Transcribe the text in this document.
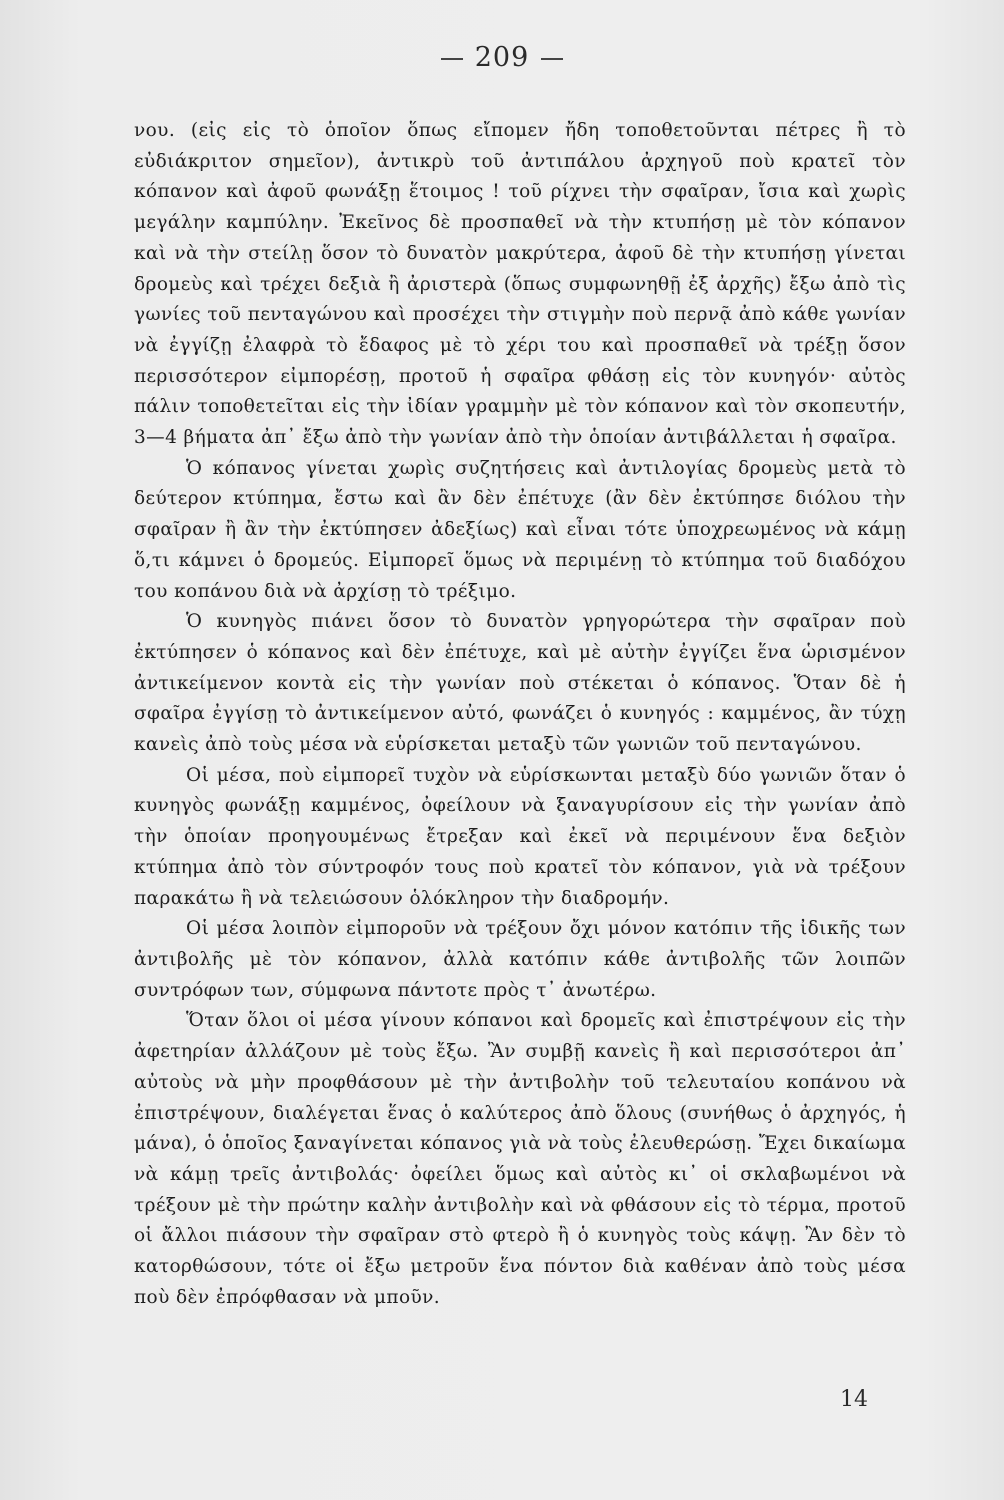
209

νου. (εἰς εἰς τὸ ὁποῖον ὅπως εἴπομεν ἤδη τοποθετοῦνται πέτρες ἢ τὸ εὐδιάκριτον σημεῖον), ἀντικρὺ τοῦ ἀντιπάλου ἀρχηγοῦ ποὺ κρατεῖ τὸν κόπανον καὶ ἀφοῦ φωνάξῃ ἕτοιμος ! τοῦ ρίχνει τὴν σφαῖραν, ἴσια καὶ χωρὶς μεγάλην καμπύλην. Ἐκεῖνος δὲ προσπαθεῖ νὰ τὴν κτυπήσῃ μὲ τὸν κόπανον καὶ νὰ τὴν στείλῃ ὅσον τὸ δυνατὸν μακρύτερα, ἀφοῦ δὲ τὴν κτυπήσῃ γίνεται δρομεὺς καὶ τρέχει δεξιὰ ἢ ἀριστερὰ (ὅπως συμφωνηθῇ ἐξ ἀρχῆς) ἔξω ἀπὸ τὶς γωνίες τοῦ πενταγώνου καὶ προσέχει τὴν στιγμὴν ποὺ περνᾷ ἀπὸ κάθε γωνίαν νὰ ἐγγίζῃ ἐλαφρὰ τὸ ἔδαφος μὲ τὸ χέρι του καὶ προσπαθεῖ νὰ τρέξῃ ὅσον περισσότερον εἰμπορέσῃ, προτοῦ ἡ σφαῖρα φθάσῃ εἰς τὸν κυνηγόν· αὐτὸς πάλιν τοποθετεῖται εἰς τὴν ἰδίαν γραμμὴν μὲ τὸν κόπανον καὶ τὸν σκοπευτήν, 3—4 βήματα ἀπ᾽ ἔξω ἀπὸ τὴν γωνίαν ἀπὸ τὴν ὁποίαν ἀντιβάλλεται ἡ σφαῖρα.

Ὁ κόπανος γίνεται χωρὶς συζητήσεις καὶ ἀντιλογίας δρομεὺς μετὰ τὸ δεύτερον κτύπημα, ἔστω καὶ ἂν δὲν ἐπέτυχε (ἂν δὲν ἐκτύπησε διόλου τὴν σφαῖραν ἢ ἂν τὴν ἐκτύπησεν ἀδεξίως) καὶ εἶναι τότε ὑποχρεωμένος νὰ κάμῃ ὅ,τι κάμνει ὁ δρομεύς. Εἰμπορεῖ ὅμως νὰ περιμένῃ τὸ κτύπημα τοῦ διαδόχου του κοπάνου διὰ νὰ ἀρχίσῃ τὸ τρέξιμο.

Ὁ κυνηγὸς πιάνει ὅσον τὸ δυνατὸν γρηγορώτερα τὴν σφαῖραν ποὺ ἐκτύπησεν ὁ κόπανος καὶ δὲν ἐπέτυχε, καὶ μὲ αὐτὴν ἐγγίζει ἕνα ὡρισμένον ἀντικείμενον κοντὰ εἰς τὴν γωνίαν ποὺ στέκεται ὁ κόπανος. Ὅταν δὲ ἡ σφαῖρα ἐγγίσῃ τὸ ἀντικείμενον αὐτό, φωνάζει ὁ κυνηγός : καμμένος, ἂν τύχῃ κανεὶς ἀπὸ τοὺς μέσα νὰ εὑρίσκεται μεταξὺ τῶν γωνιῶν τοῦ πενταγώνου.

Οἱ μέσα, ποὺ εἰμπορεῖ τυχὸν νὰ εὑρίσκωνται μεταξὺ δύο γωνιῶν ὅταν ὁ κυνηγὸς φωνάξῃ καμμένος, ὀφείλουν νὰ ξαναγυρίσουν εἰς τὴν γωνίαν ἀπὸ τὴν ὁποίαν προηγουμένως ἔτρεξαν καὶ ἐκεῖ νὰ περιμένουν ἕνα δεξιὸν κτύπημα ἀπὸ τὸν σύντροφόν τους ποὺ κρατεῖ τὸν κόπανον, γιὰ νὰ τρέξουν παρακάτω ἢ νὰ τελειώσουν ὁλόκληρον τὴν διαδρομήν.

Οἱ μέσα λοιπὸν εἰμποροῦν νὰ τρέξουν ὄχι μόνον κατόπιν τῆς ἰδικῆς των ἀντιβολῆς μὲ τὸν κόπανον, ἀλλὰ κατόπιν κάθε ἀντιβολῆς τῶν λοιπῶν συντρόφων των, σύμφωνα πάντοτε πρὸς τ᾽ ἀνωτέρω.

Ὅταν ὅλοι οἱ μέσα γίνουν κόπανοι καὶ δρομεῖς καὶ ἐπιστρέψουν εἰς τὴν ἀφετηρίαν ἀλλάζουν μὲ τοὺς ἔξω. Ἂν συμβῇ κανεὶς ἢ καὶ περισσότεροι ἀπ᾽ αὐτοὺς νὰ μὴν προφθάσουν μὲ τὴν ἀντιβολὴν τοῦ τελευταίου κοπάνου νὰ ἐπιστρέψουν, διαλέγεται ἕνας ὁ καλύτερος ἀπὸ ὅλους (συνήθως ὁ ἀρχηγός, ἡ μάνα), ὁ ὁποῖος ξαναγίνεται κόπανος γιὰ νὰ τοὺς ἐλευθερώσῃ. Ἔχει δικαίωμα νὰ κάμῃ τρεῖς ἀντιβολάς· ὀφείλει ὅμως καὶ αὐτὸς κι᾽ οἱ σκλαβωμένοι νὰ τρέξουν μὲ τὴν πρώτην καλὴν ἀντιβολὴν καὶ νὰ φθάσουν εἰς τὸ τέρμα, προτοῦ οἱ ἄλλοι πιάσουν τὴν σφαῖραν στὸ φτερὸ ἢ ὁ κυνηγὸς τοὺς κάψῃ. Ἂν δὲν τὸ κατορθώσουν, τότε οἱ ἔξω μετροῦν ἕνα πόντον διὰ καθέναν ἀπὸ τοὺς μέσα ποὺ δὲν ἐπρόφθασαν νὰ μποῦν.

14
